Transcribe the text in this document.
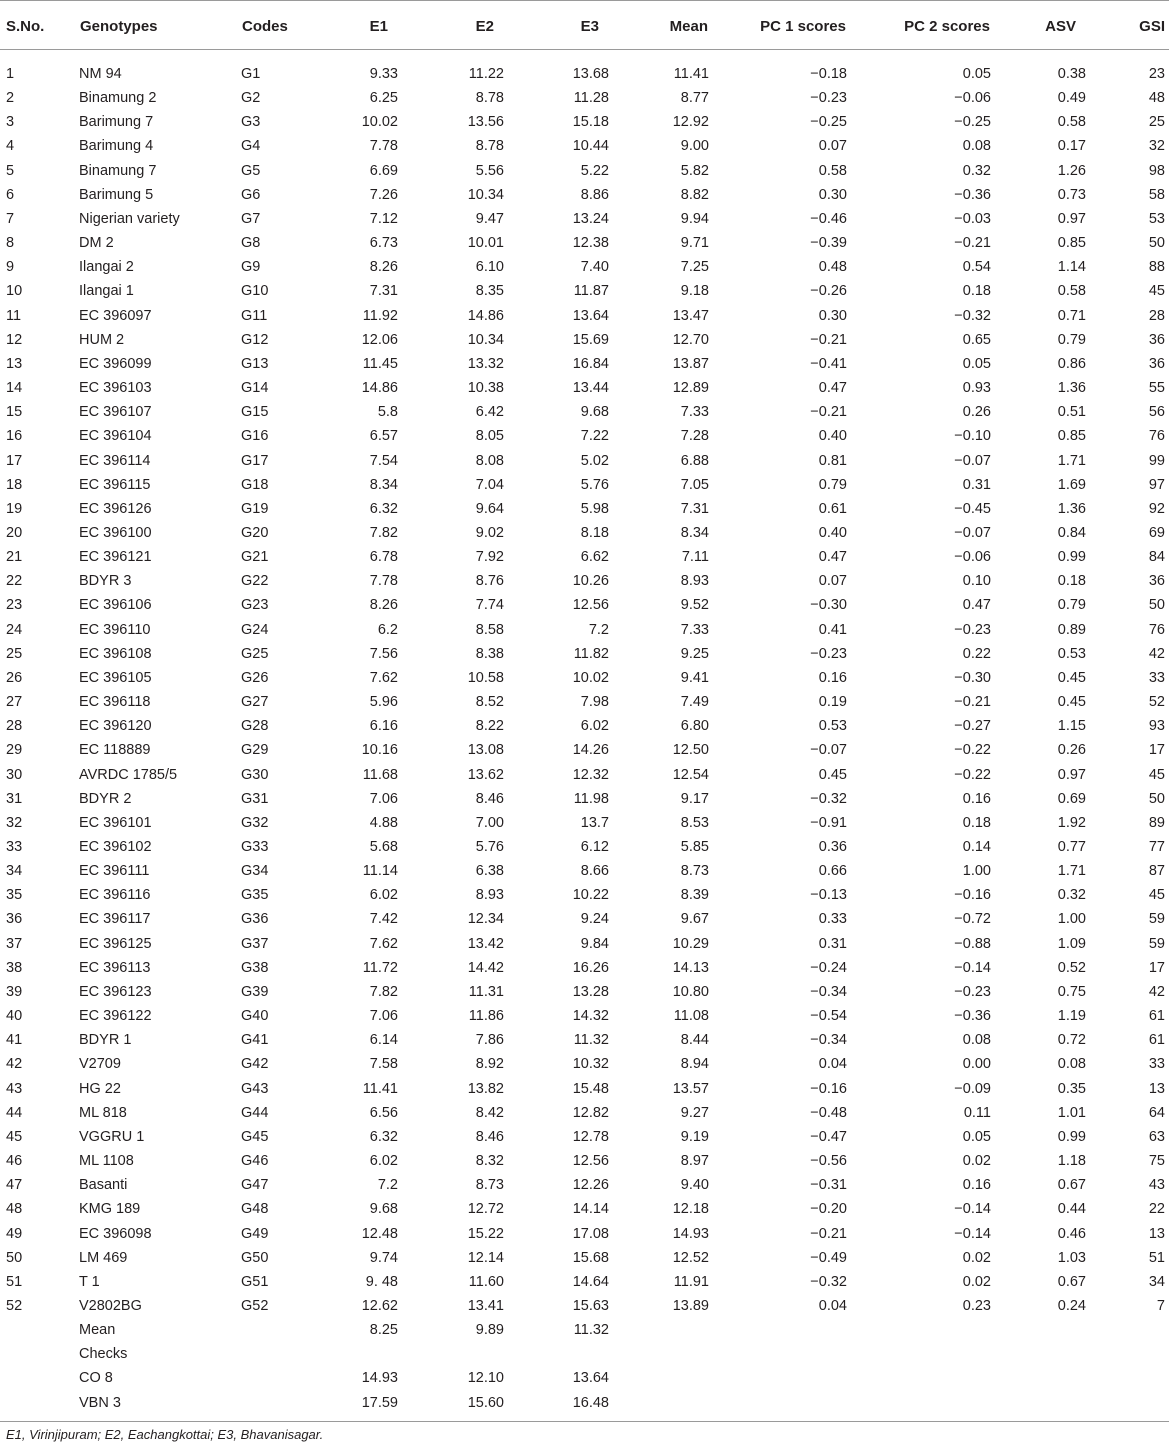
S.No.	Genotypes	Codes	E1	E2	E3	Mean	PC 1 scores	PC 2 scores	ASV	GSI
1	NM 94	G1	9.33	11.22	13.68	11.41	−0.18	0.05	0.38	23
2	Binamung 2	G2	6.25	8.78	11.28	8.77	−0.23	−0.06	0.49	48
3	Barimung 7	G3	10.02	13.56	15.18	12.92	−0.25	−0.25	0.58	25
4	Barimung 4	G4	7.78	8.78	10.44	9.00	0.07	0.08	0.17	32
5	Binamung 7	G5	6.69	5.56	5.22	5.82	0.58	0.32	1.26	98
6	Barimung 5	G6	7.26	10.34	8.86	8.82	0.30	−0.36	0.73	58
7	Nigerian variety	G7	7.12	9.47	13.24	9.94	−0.46	−0.03	0.97	53
8	DM 2	G8	6.73	10.01	12.38	9.71	−0.39	−0.21	0.85	50
9	Ilangai 2	G9	8.26	6.10	7.40	7.25	0.48	0.54	1.14	88
10	Ilangai 1	G10	7.31	8.35	11.87	9.18	−0.26	0.18	0.58	45
11	EC 396097	G11	11.92	14.86	13.64	13.47	0.30	−0.32	0.71	28
12	HUM 2	G12	12.06	10.34	15.69	12.70	−0.21	0.65	0.79	36
13	EC 396099	G13	11.45	13.32	16.84	13.87	−0.41	0.05	0.86	36
14	EC 396103	G14	14.86	10.38	13.44	12.89	0.47	0.93	1.36	55
15	EC 396107	G15	5.8	6.42	9.68	7.33	−0.21	0.26	0.51	56
16	EC 396104	G16	6.57	8.05	7.22	7.28	0.40	−0.10	0.85	76
17	EC 396114	G17	7.54	8.08	5.02	6.88	0.81	−0.07	1.71	99
18	EC 396115	G18	8.34	7.04	5.76	7.05	0.79	0.31	1.69	97
19	EC 396126	G19	6.32	9.64	5.98	7.31	0.61	−0.45	1.36	92
20	EC 396100	G20	7.82	9.02	8.18	8.34	0.40	−0.07	0.84	69
21	EC 396121	G21	6.78	7.92	6.62	7.11	0.47	−0.06	0.99	84
22	BDYR 3	G22	7.78	8.76	10.26	8.93	0.07	0.10	0.18	36
23	EC 396106	G23	8.26	7.74	12.56	9.52	−0.30	0.47	0.79	50
24	EC 396110	G24	6.2	8.58	7.2	7.33	0.41	−0.23	0.89	76
25	EC 396108	G25	7.56	8.38	11.82	9.25	−0.23	0.22	0.53	42
26	EC 396105	G26	7.62	10.58	10.02	9.41	0.16	−0.30	0.45	33
27	EC 396118	G27	5.96	8.52	7.98	7.49	0.19	−0.21	0.45	52
28	EC 396120	G28	6.16	8.22	6.02	6.80	0.53	−0.27	1.15	93
29	EC 118889	G29	10.16	13.08	14.26	12.50	−0.07	−0.22	0.26	17
30	AVRDC 1785/5	G30	11.68	13.62	12.32	12.54	0.45	−0.22	0.97	45
31	BDYR 2	G31	7.06	8.46	11.98	9.17	−0.32	0.16	0.69	50
32	EC 396101	G32	4.88	7.00	13.7	8.53	−0.91	0.18	1.92	89
33	EC 396102	G33	5.68	5.76	6.12	5.85	0.36	0.14	0.77	77
34	EC 396111	G34	11.14	6.38	8.66	8.73	0.66	1.00	1.71	87
35	EC 396116	G35	6.02	8.93	10.22	8.39	−0.13	−0.16	0.32	45
36	EC 396117	G36	7.42	12.34	9.24	9.67	0.33	−0.72	1.00	59
37	EC 396125	G37	7.62	13.42	9.84	10.29	0.31	−0.88	1.09	59
38	EC 396113	G38	11.72	14.42	16.26	14.13	−0.24	−0.14	0.52	17
39	EC 396123	G39	7.82	11.31	13.28	10.80	−0.34	−0.23	0.75	42
40	EC 396122	G40	7.06	11.86	14.32	11.08	−0.54	−0.36	1.19	61
41	BDYR 1	G41	6.14	7.86	11.32	8.44	−0.34	0.08	0.72	61
42	V2709	G42	7.58	8.92	10.32	8.94	0.04	0.00	0.08	33
43	HG 22	G43	11.41	13.82	15.48	13.57	−0.16	−0.09	0.35	13
44	ML 818	G44	6.56	8.42	12.82	9.27	−0.48	0.11	1.01	64
45	VGGRU 1	G45	6.32	8.46	12.78	9.19	−0.47	0.05	0.99	63
46	ML 1108	G46	6.02	8.32	12.56	8.97	−0.56	0.02	1.18	75
47	Basanti	G47	7.2	8.73	12.26	9.40	−0.31	0.16	0.67	43
48	KMG 189	G48	9.68	12.72	14.14	12.18	−0.20	−0.14	0.44	22
49	EC 396098	G49	12.48	15.22	17.08	14.93	−0.21	−0.14	0.46	13
50	LM 469	G50	9.74	12.14	15.68	12.52	−0.49	0.02	1.03	51
51	T 1	G51	9. 48	11.60	14.64	11.91	−0.32	0.02	0.67	34
52	V2802BG	G52	12.62	13.41	15.63	13.89	0.04	0.23	0.24	7
	Mean		8.25	9.89	11.32					
	Checks									
	CO 8		14.93	12.10	13.64					
	VBN 3		17.59	15.60	16.48					
E1, Virinjipuram; E2, Eachangkottai; E3, Bhavanisagar.
